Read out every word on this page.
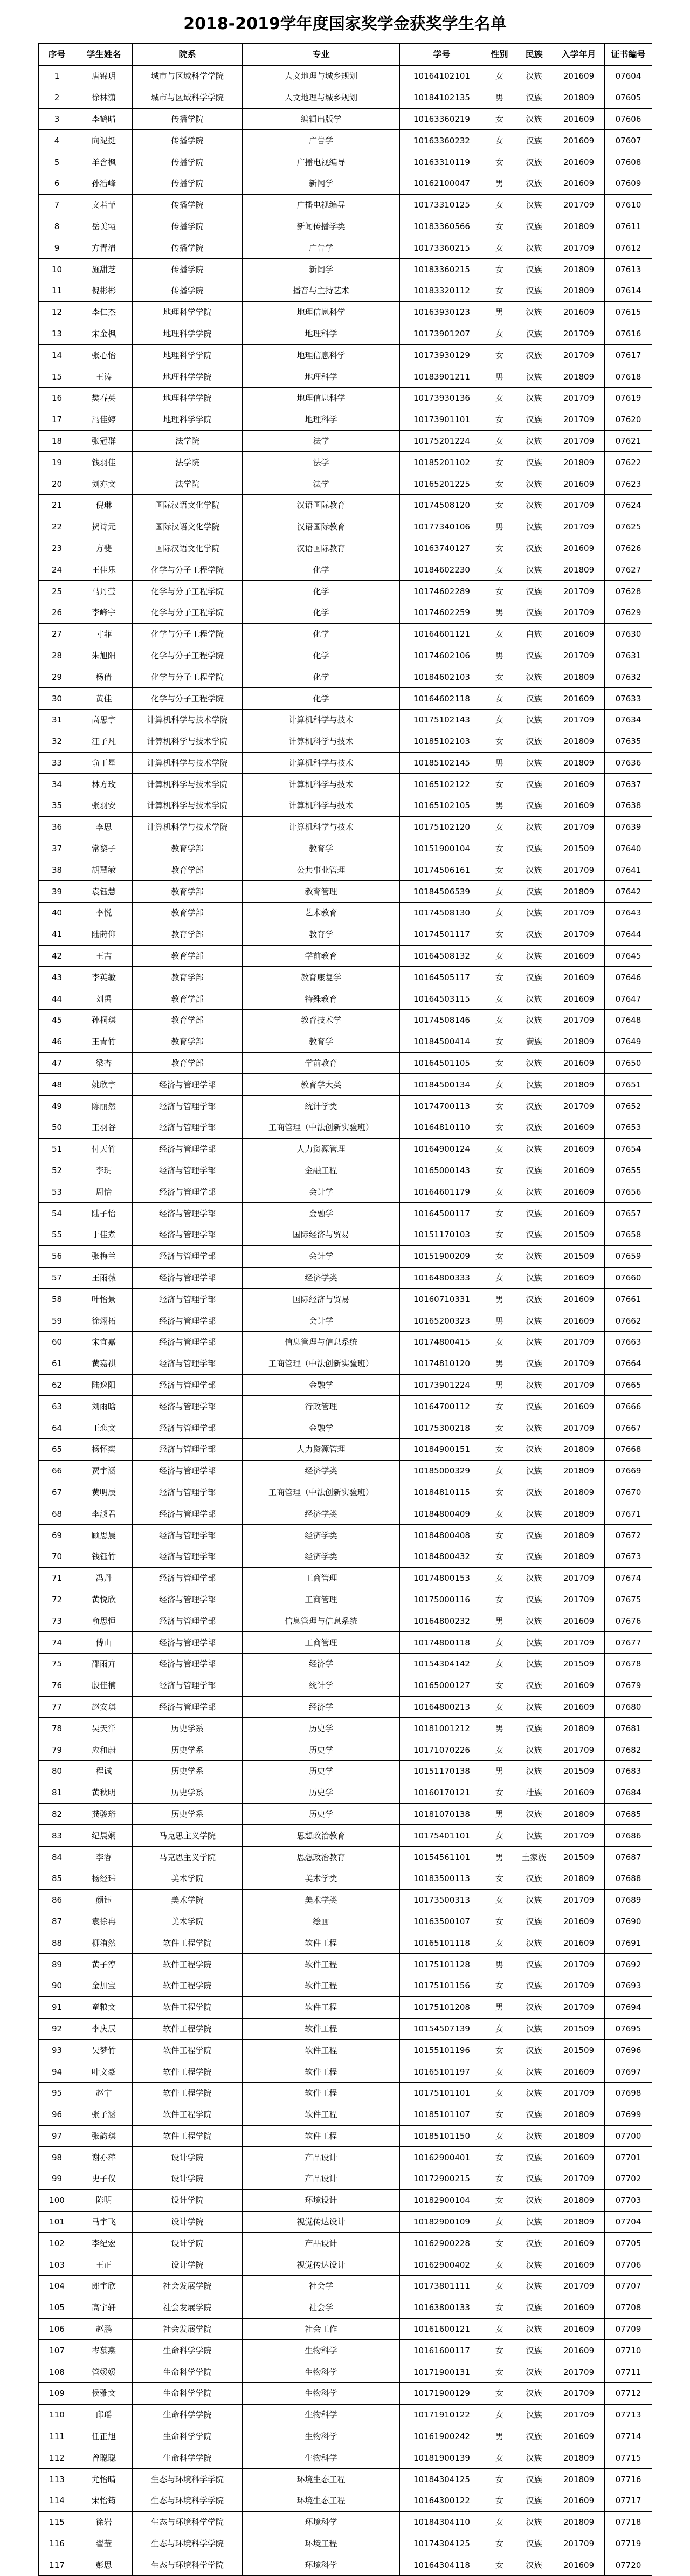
2018-2019学年度国家奖学金获奖学生名单
序号	学生姓名	院系	专业	学号	性别	民族	入学年月	证书编号
1	唐锦玥	城市与区域科学学院	人文地理与城乡规划	10164102101	女	汉族	201609	07604
2	徐林潇	城市与区域科学学院	人文地理与城乡规划	10184102135	男	汉族	201809	07605
3	李鹤晴	传播学院	编辑出版学	10163360219	女	汉族	201609	07606
4	向泥挺	传播学院	广告学	10163360232	女	汉族	201609	07607
5	羊含枫	传播学院	广播电视编导	10163310119	女	汉族	201609	07608
6	孙浩峰	传播学院	新闻学	10162100047	男	汉族	201609	07609
7	文若菲	传播学院	广播电视编导	10173310125	女	汉族	201709	07610
8	岳美霞	传播学院	新闻传播学类	10183360566	女	汉族	201809	07611
9	方青清	传播学院	广告学	10173360215	女	汉族	201709	07612
10	施甜芝	传播学院	新闻学	10183360215	女	汉族	201809	07613
11	倪彬彬	传播学院	播音与主持艺术	10183320112	女	汉族	201809	07614
12	李仁杰	地理科学学院	地理信息科学	10163930123	男	汉族	201609	07615
13	宋金枫	地理科学学院	地理科学	10173901207	女	汉族	201709	07616
14	张心怡	地理科学学院	地理信息科学	10173930129	女	汉族	201709	07617
15	王涛	地理科学学院	地理科学	10183901211	男	汉族	201809	07618
16	樊春英	地理科学学院	地理信息科学	10173930136	女	汉族	201709	07619
17	冯佳婷	地理科学学院	地理科学	10173901101	女	汉族	201709	07620
18	张冠群	法学院	法学	10175201224	女	汉族	201709	07621
19	钱羽佳	法学院	法学	10185201102	女	汉族	201809	07622
20	刘亦文	法学院	法学	10165201225	女	汉族	201609	07623
21	倪琳	国际汉语文化学院	汉语国际教育	10174508120	女	汉族	201709	07624
22	贺诗元	国际汉语文化学院	汉语国际教育	10177340106	男	汉族	201709	07625
23	方斐	国际汉语文化学院	汉语国际教育	10163740127	女	汉族	201609	07626
24	王佳乐	化学与分子工程学院	化学	10184602230	女	汉族	201809	07627
25	马丹莹	化学与分子工程学院	化学	10174602289	女	汉族	201709	07628
26	李峰宇	化学与分子工程学院	化学	10174602259	男	汉族	201709	07629
27	寸菲	化学与分子工程学院	化学	10164601121	女	白族	201609	07630
28	朱旭阳	化学与分子工程学院	化学	10174602106	男	汉族	201709	07631
29	杨倩	化学与分子工程学院	化学	10184602103	女	汉族	201809	07632
30	黄佳	化学与分子工程学院	化学	10164602118	女	汉族	201609	07633
31	高思宇	计算机科学与技术学院	计算机科学与技术	10175102143	女	汉族	201709	07634
32	汪子凡	计算机科学与技术学院	计算机科学与技术	10185102103	女	汉族	201809	07635
33	俞丁星	计算机科学与技术学院	计算机科学与技术	10185102145	男	汉族	201809	07636
34	林方玫	计算机科学与技术学院	计算机科学与技术	10165102122	女	汉族	201609	07637
35	张羽安	计算机科学与技术学院	计算机科学与技术	10165102105	男	汉族	201609	07638
36	李思	计算机科学与技术学院	计算机科学与技术	10175102120	女	汉族	201709	07639
37	常黎子	教育学部	教育学	10151900104	女	汉族	201509	07640
38	胡慧敏	教育学部	公共事业管理	10174506161	女	汉族	201709	07641
39	袁钰慧	教育学部	教育管理	10184506539	女	汉族	201809	07642
40	李悦	教育学部	艺术教育	10174508130	女	汉族	201709	07643
41	陆莳仰	教育学部	教育学	10174501117	女	汉族	201709	07644
42	王吉	教育学部	学前教育	10164508132	女	汉族	201609	07645
43	李英敏	教育学部	教育康复学	10164505117	女	汉族	201609	07646
44	刘禹	教育学部	特殊教育	10164503115	女	汉族	201609	07647
45	孙桐琪	教育学部	教育技术学	10174508146	女	汉族	201709	07648
46	王青竹	教育学部	教育学	10184500414	女	满族	201809	07649
47	梁杏	教育学部	学前教育	10164501105	女	汉族	201609	07650
48	姚欣宇	经济与管理学部	教育学大类	10184500134	女	汉族	201809	07651
49	陈丽然	经济与管理学部	统计学类	10174700113	女	汉族	201709	07652
50	王羽谷	经济与管理学部	工商管理（中法创新实验班）	10164810110	女	汉族	201609	07653
51	付天竹	经济与管理学部	人力资源管理	10164900124	女	汉族	201609	07654
52	李玥	经济与管理学部	金融工程	10165000143	女	汉族	201609	07655
53	周怡	经济与管理学部	会计学	10164601179	女	汉族	201609	07656
54	陆子怡	经济与管理学部	金融学	10164500117	女	汉族	201609	07657
55	于佳煮	经济与管理学部	国际经济与贸易	10151170103	女	汉族	201509	07658
56	张梅兰	经济与管理学部	会计学	10151900209	女	汉族	201509	07659
57	王雨薇	经济与管理学部	经济学类	10164800333	女	汉族	201609	07660
58	叶怡景	经济与管理学部	国际经济与贸易	10160710331	男	汉族	201609	07661
59	徐翊拓	经济与管理学部	会计学	10165200323	男	汉族	201609	07662
60	宋宜嘉	经济与管理学部	信息管理与信息系统	10174800415	女	汉族	201709	07663
61	黄嘉祺	经济与管理学部	工商管理（中法创新实验班）	10174810120	男	汉族	201709	07664
62	陆逸阳	经济与管理学部	金融学	10173901224	男	汉族	201709	07665
63	刘雨晗	经济与管理学部	行政管理	10164700112	女	汉族	201609	07666
64	王恋文	经济与管理学部	金融学	10175300218	女	汉族	201709	07667
65	杨怀奕	经济与管理学部	人力资源管理	10184900151	女	汉族	201809	07668
66	贾宇涵	经济与管理学部	经济学类	10185000329	女	汉族	201809	07669
67	黄明辰	经济与管理学部	工商管理（中法创新实验班）	10184810115	女	汉族	201809	07670
68	李淑君	经济与管理学部	经济学类	10184800409	女	汉族	201809	07671
69	顾思晨	经济与管理学部	经济学类	10184800408	女	汉族	201809	07672
70	钱钰竹	经济与管理学部	经济学类	10184800432	女	汉族	201809	07673
71	冯丹	经济与管理学部	工商管理	10174800153	女	汉族	201709	07674
72	黄悦欣	经济与管理学部	工商管理	10175000116	女	汉族	201709	07675
73	俞思恒	经济与管理学部	信息管理与信息系统	10164800232	男	汉族	201609	07676
74	傅山	经济与管理学部	工商管理	10174800118	女	汉族	201709	07677
75	邵雨卉	经济与管理学部	经济学	10154304142	女	汉族	201509	07678
76	殷佳楠	经济与管理学部	统计学	10165000127	女	汉族	201609	07679
77	赵安琪	经济与管理学部	经济学	10164800213	女	汉族	201609	07680
78	吴天洋	历史学系	历史学	10181001212	男	汉族	201809	07681
79	应和蔚	历史学系	历史学	10171070226	女	汉族	201709	07682
80	程诚	历史学系	历史学	10151170138	男	汉族	201509	07683
81	黄秋明	历史学系	历史学	10160170121	女	壮族	201609	07684
82	龚骏珩	历史学系	历史学	10181070138	男	汉族	201809	07685
83	纪晨娴	马克思主义学院	思想政治教育	10175401101	女	汉族	201709	07686
84	李睿	马克思主义学院	思想政治教育	10154561101	男	土家族	201509	07687
85	杨经玮	美术学院	美术学类	10183500113	女	汉族	201809	07688
86	颜钰	美术学院	美术学类	10173500313	女	汉族	201709	07689
87	袁徐冉	美术学院	绘画	10163500107	女	汉族	201609	07690
88	柳洧然	软件工程学院	软件工程	10165101118	女	汉族	201609	07691
89	黄子淳	软件工程学院	软件工程	10175101128	男	汉族	201709	07692
90	金加宝	软件工程学院	软件工程	10175101156	女	汉族	201709	07693
91	童粮文	软件工程学院	软件工程	10175101208	男	汉族	201709	07694
92	李庆辰	软件工程学院	软件工程	10154507139	女	汉族	201509	07695
93	吴梦竹	软件工程学院	软件工程	10155101196	女	汉族	201509	07696
94	叶文豪	软件工程学院	软件工程	10165101197	女	汉族	201609	07697
95	赵宁	软件工程学院	软件工程	10175101101	女	汉族	201709	07698
96	张子涵	软件工程学院	软件工程	10185101107	女	汉族	201809	07699
97	张韵琪	软件工程学院	软件工程	10185101150	女	汉族	201809	07700
98	谢亦萍	设计学院	产品设计	10162900401	女	汉族	201609	07701
99	史子仪	设计学院	产品设计	10172900215	女	汉族	201709	07702
100	陈明	设计学院	环境设计	10182900104	女	汉族	201809	07703
101	马宇飞	设计学院	视觉传达设计	10182900109	女	汉族	201809	07704
102	李纪宏	设计学院	产品设计	10162900228	女	汉族	201609	07705
103	王正	设计学院	视觉传达设计	10162900402	女	汉族	201609	07706
104	郎宇欣	社会发展学院	社会学	10173801111	女	汉族	201709	07707
105	高宇轩	社会发展学院	社会学	10163800133	女	汉族	201609	07708
106	赵鹏	社会发展学院	社会工作	10161600121	女	汉族	201609	07709
107	岑慕燕	生命科学学院	生物科学	10161600117	女	汉族	201609	07710
108	管媛媛	生命科学学院	生物科学	10171900131	女	汉族	201709	07711
109	侯雅文	生命科学学院	生物科学	10171900129	女	汉族	201709	07712
110	邱瑶	生命科学学院	生物科学	10171910122	女	汉族	201709	07713
111	任正旭	生命科学学院	生物科学	10161900242	男	汉族	201609	07714
112	曾聪聪	生命科学学院	生物科学	10181900139	女	汉族	201809	07715
113	尤怡晴	生态与环境科学学院	环境生态工程	10184304125	女	汉族	201809	07716
114	宋怡筠	生态与环境科学学院	环境生态工程	10164300122	女	汉族	201609	07717
115	徐岩	生态与环境科学学院	环境科学	10184304110	女	汉族	201809	07718
116	翟莹	生态与环境科学学院	环境工程	10174304125	女	汉族	201709	07719
117	彭思	生态与环境科学学院	环境科学	10164304118	女	汉族	201609	07720
